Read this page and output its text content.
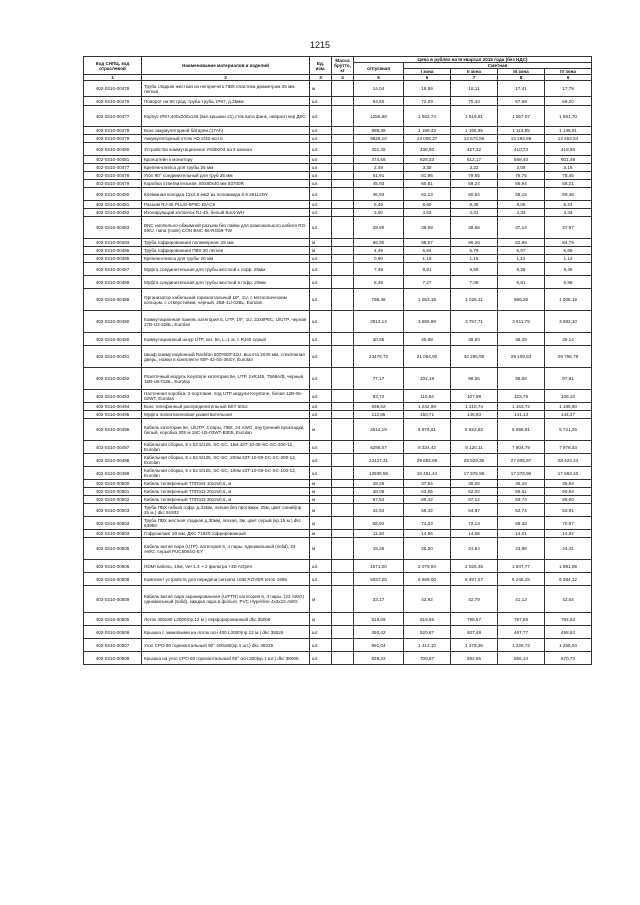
1215
Код СНПЦ, код отраслевой	Наименование материалов и изделий	Ед. изм.	Масса брутто, кг	Цена в рублях на III квартал 2016 года (без НДС)				
				отпускная	Сметная			
					I зона	II зона	III зона	IV зона
1	2	3	4	5	6	7	8	9
402-0310-00476	Труба гладкая жесткая из негорючего ПВХ пластика диаметром 25 мм. легкая	м		14,04	18,59	18,11	17,41	17,79
402-0310-00476	Поворот на 90 град. труба-труба, IP67, д.25мм	шт.		54,60	72,29	70,43	67,69	69,20
402-0310-00477	Корпус IP67,400х200х146 (вкл.крышки 21),стек вата фанк, неврасп кнр ДКС	шт.		1255,88	1 662,74	1 619,91	1 557,07	1 591,70
402-0310-00478	Бокс аккумуляторной батареи (17Ah)	шт.		898,39	1 189,43	1 158,85	1 113,85	1 138,61
402-0310-00479	Аккумуляторный отсек АО 2/40 исп.5	шт.		9829,10	13 008,37	12 674,85	12 182,68	12 453,54
402-0310-00480	Устройство коммутационное УК/ВК/04 на 2 канала	шт.		331,26	438,60	427,32	410,73	419,86
402-0310-00481	Кронштейн к монитору	шт.		474,58	628,33	612,17	588,40	601,49
402-0310-00477	Крепеж-клипса для трубы 25 мм	шт.		2,49	3,30	3,22	3,09	3,16
402-0310-00478	Угол 90° соединительный для труб 25 мм	шт.		61,91	81,96	79,85	76,75	78,45
402-0310-00479	Коробка ответвительная, 80х80х40 мм 53700R	шт.		45,93	60,81	59,24	56,94	58,21
402-0310-00480	Клеммная колодка 12х2,5 мм2 из полиамида 6 6 45112NY	шт.		46,93	62,13	60,54	58,19	59,48
402-0310-00481	Разъем RJ-45 PLUG-8P8C-BV-C5	шт.		6,49	8,60	8,38	8,05	8,23
402-0310-00482	Изолирующий колпачок RJ-45, белый Boot-WH	шт.		3,50	4,63	4,51	4,33	4,43
402-0310-00483	BNC ниппельно-обжимной разъем без пайки для коаксиального кабеля RG-59/U, папа (male) CON BNC-56-RG59-TW	шт.		29,90	39,58	38,56	37,14	37,97
402-0310-00484	Труба гофрированная полимерная, 25 мм	м		66,90	88,57	86,29	82,95	84,79
402-0310-00485	Труба гофрированная ПВХ 20 легкая	м		4,49	5,94	5,79	5,57	5,69
402-0310-00486	Крепеж-клипса для трубы 20 мм	шт.		0,90	1,19	1,16	1,12	1,14
402-0310-00487	Муфта соединительная для трубы жесткой к гофр. 25мм	шт.		7,49	9,91	9,66	9,28	9,49
402-0310-00488	Муфта соединительная для трубы жесткой в гофр. 20мм	шт.		5,49	7,27	7,08	6,81	6,96
402-0310-00489	Организатор кабельный горизонтальный 19", 1U, с металлическим кольцом, с отверстиями, черный, 25В-1U-02BL, Eurolan	шт.		796,48	1 053,19	1 026,11	986,26	1 008,19
402-0310-00490	Коммутационная панель категория 5, UTP, 19", 1U, 32х8Р8С, U/UTP, черная 27В-U3-32BL, Eurolan	шт.		2913,14	3 856,89	3 757,71	3 611,79	3 692,10
402-0310-00490	Коммутационный шнур UTP, кат. 5e, L=1 м, с RJ45 серый	шт.		30,85	40,88	39,83	38,29	39,14
402-0310-00491	Шкаф коммутационный Rackfan 600*600*42U, высота 2030 мм, стеклянная дверь, ножки в комплекте 60F-42-6S-36GY, Eurolan	шт.		23478,72	31 084,90	30 285,59	29 109,53	29 756,79
402-0310-00492	Розеточный модуль Keystone категория 5e, UTP, 1хRJ45, T568A/B, черный 16В-U5-01BL, Eurolan	шт.		77,17	102,19	99,55	95,68	97,81
402-0310-00493	Настенная коробка, 2-портовая, под UTP модули Keystone, белая 12В-06-02WT, Eurolan	шт.		83,72	110,84	107,99	103,79	106,10
402-0310-00494	Бокс телефонный распределительный БКТ 50х2	шт.		938,62	1 242,69	1 210,74	1 163,72	1 189,60
402-0310-00495	Муфта полиэтиленовая разветвительная	шт.		113,85	150,71	146,83	141,13	144,27
402-0310-00496	Кабель категории 5e, U/UTP, 4 пары, ПВХ, 24 AWG, внутренний прокладки, белый, коробка 305 м 19С-U5-03WT-В305, Eurolan	м		4514,19	5 976,61	5 822,92	5 596,81	5 721,26
402-0310-00497	Кабельная сборка, 8 х 62.5/125, SC-SC, 15м 43T-10-08-SC-SC-200-12, Eurolan	шт.		6295,07	8 334,42	8 120,11	7 804,79	7 978,33
402-0310-00498	Кабельная сборка, 8 х 62.5/125, SC-SC, 200м 43T-10-08-SC-SC-200-12, Eurolan	шт.		22427,31	29 692,88	28 929,36	27 805,97	28 424,24
402-0310-00499	Кабельная сборка, 8 х 62.5/125, SC-SC, 100м 43T-10-08-SC-SC-100-12, Eurolan	шт.		13936,55	18 451,44	17 976,99	17 278,90	17 663,10
402-0310-00500	Кабель телефонный ТППэп3 10х2х0,5, м	м		28,36	37,54	36,58	35,16	35,94
402-0310-00501	Кабель телефонный ТППэп3 20х2х0,5, м	м		48,08	63,66	62,02	59,61	60,94
402-0310-00502	Кабель телефонный ТППэп3 30х2х0,5, м	м		67,54	89,42	87,12	83,74	85,60
402-0310-00503	Труба ПВХ гибкая гофр. д.32мм, легкая без протяжки, 25м, цвет синий(пр 25 м.) dkc 91932	м		42,54	56,32	54,87	52,74	53,91
402-0310-00504	Труба ПВХ жесткая гладкая д.30мм, легкая, 3м, цвет серый (кр.15 м.) dkc 63950	м		55,92	74,03	72,13	69,33	70,87
402-0310-00504	Гофрошланг 20 мм, ДКС 71920 гофрированный	м		11,30	14,96	14,58	14,01	14,32
402-0310-00505	Кабель витая пара (UTP), категория 5, 4 пары, одножильный (solid), 23 AWG, серый PUC6004G-EY	м		19,26	25,50	24,84	23,88	24,41
402-0310-00506	HDMI кабель, 15м, Ver 1.4 + 2 фильтра +3D AOpen	шт.		1571,00	2 079,94	2 026,45	1 947,77	1 991,08
402-0310-00508	Комплект устройств для передачи сигнала USB ROVER Ieron 1659	шт.		5037,20	6 669,00	6 497,57	6 245,25	6 384,12
402-0310-00509	Кабель витая пара экранированная (U/FTR) категория 6, 4 пары, (23 AWG) одножильный (solid), каждая пара в фольге, PVC Hyperline 4х2х23 AWG	м		33,17	43,92	42,79	41,13	42,04
402-0310-00505	Лоток 400х80 L3000(пр.12 м.) перфорированный dkc 35006	м		618,09	819,65	798,57	767,56	784,63
402-0310-00506	Крышка с замковыми на лоток осн 400 L3000(пр.12 м.) dkc 35526	шт.		393,42	520,87	507,48	487,77	498,62
402-0310-00507	Угол CPO 90 горизонтальный 90° 400х80(кр 1 шт.) dkc 36025	шт.		991,04	1 312,10	1 278,36	1 228,72	1 256,04
402-0310-00508	Крышка на угол CPO 90 горизонтальный 90° осн 300(кр.1 шт.) dkc 38005	шт.		529,22	700,67	682,65	656,14	670,73
